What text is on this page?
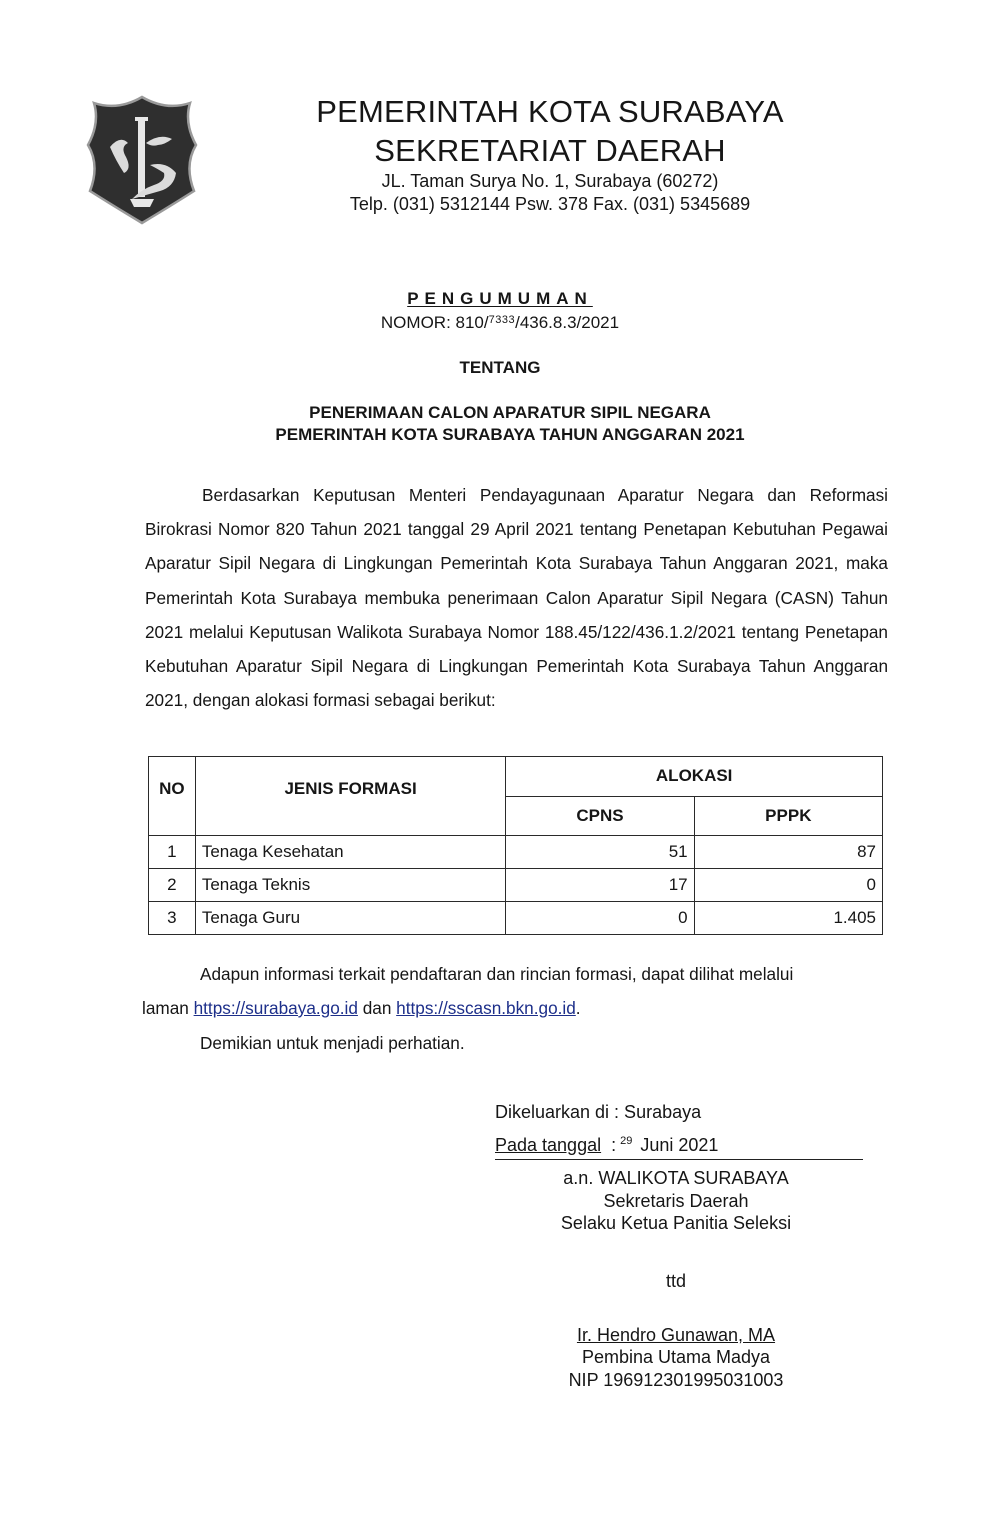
PEMERINTAH KOTA SURABAYA
SEKRETARIAT DAERAH
JL. Taman Surya No. 1, Surabaya (60272)
Telp. (031) 5312144 Psw. 378 Fax. (031) 5345689
PENGUMUMAN
NOMOR: 810/$^{7333}$/436.8.3/2021
TENTANG
PENERIMAAN CALON APARATUR SIPIL NEGARA
PEMERINTAH KOTA SURABAYA TAHUN ANGGARAN 2021
Berdasarkan Keputusan Menteri Pendayagunaan Aparatur Negara dan Reformasi Birokrasi Nomor 820 Tahun 2021 tanggal 29 April 2021 tentang Penetapan Kebutuhan Pegawai Aparatur Sipil Negara di Lingkungan Pemerintah Kota Surabaya Tahun Anggaran 2021, maka Pemerintah Kota Surabaya membuka penerimaan Calon Aparatur Sipil Negara (CASN) Tahun 2021 melalui Keputusan Walikota Surabaya Nomor 188.45/122/436.1.2/2021 tentang Penetapan Kebutuhan Aparatur Sipil Negara di Lingkungan Pemerintah Kota Surabaya Tahun Anggaran 2021, dengan alokasi formasi sebagai berikut:
NO	JENIS FORMASI	ALOKASI	
		CPNS	PPPK
1	Tenaga Kesehatan	51	87
2	Tenaga Teknis	17	0
3	Tenaga Guru	0	1.405
Adapun informasi terkait pendaftaran dan rincian formasi, dapat dilihat melalui
laman https://surabaya.go.id dan https://sscasn.bkn.go.id.
Demikian untuk menjadi perhatian.
Dikeluarkan di : Surabaya
Pada tanggal : $^{29}$ Juni 2021
a.n. WALIKOTA SURABAYA
Sekretaris Daerah
Selaku Ketua Panitia Seleksi
ttd
Ir. Hendro Gunawan, MA
Pembina Utama Madya
NIP 196912301995031003
